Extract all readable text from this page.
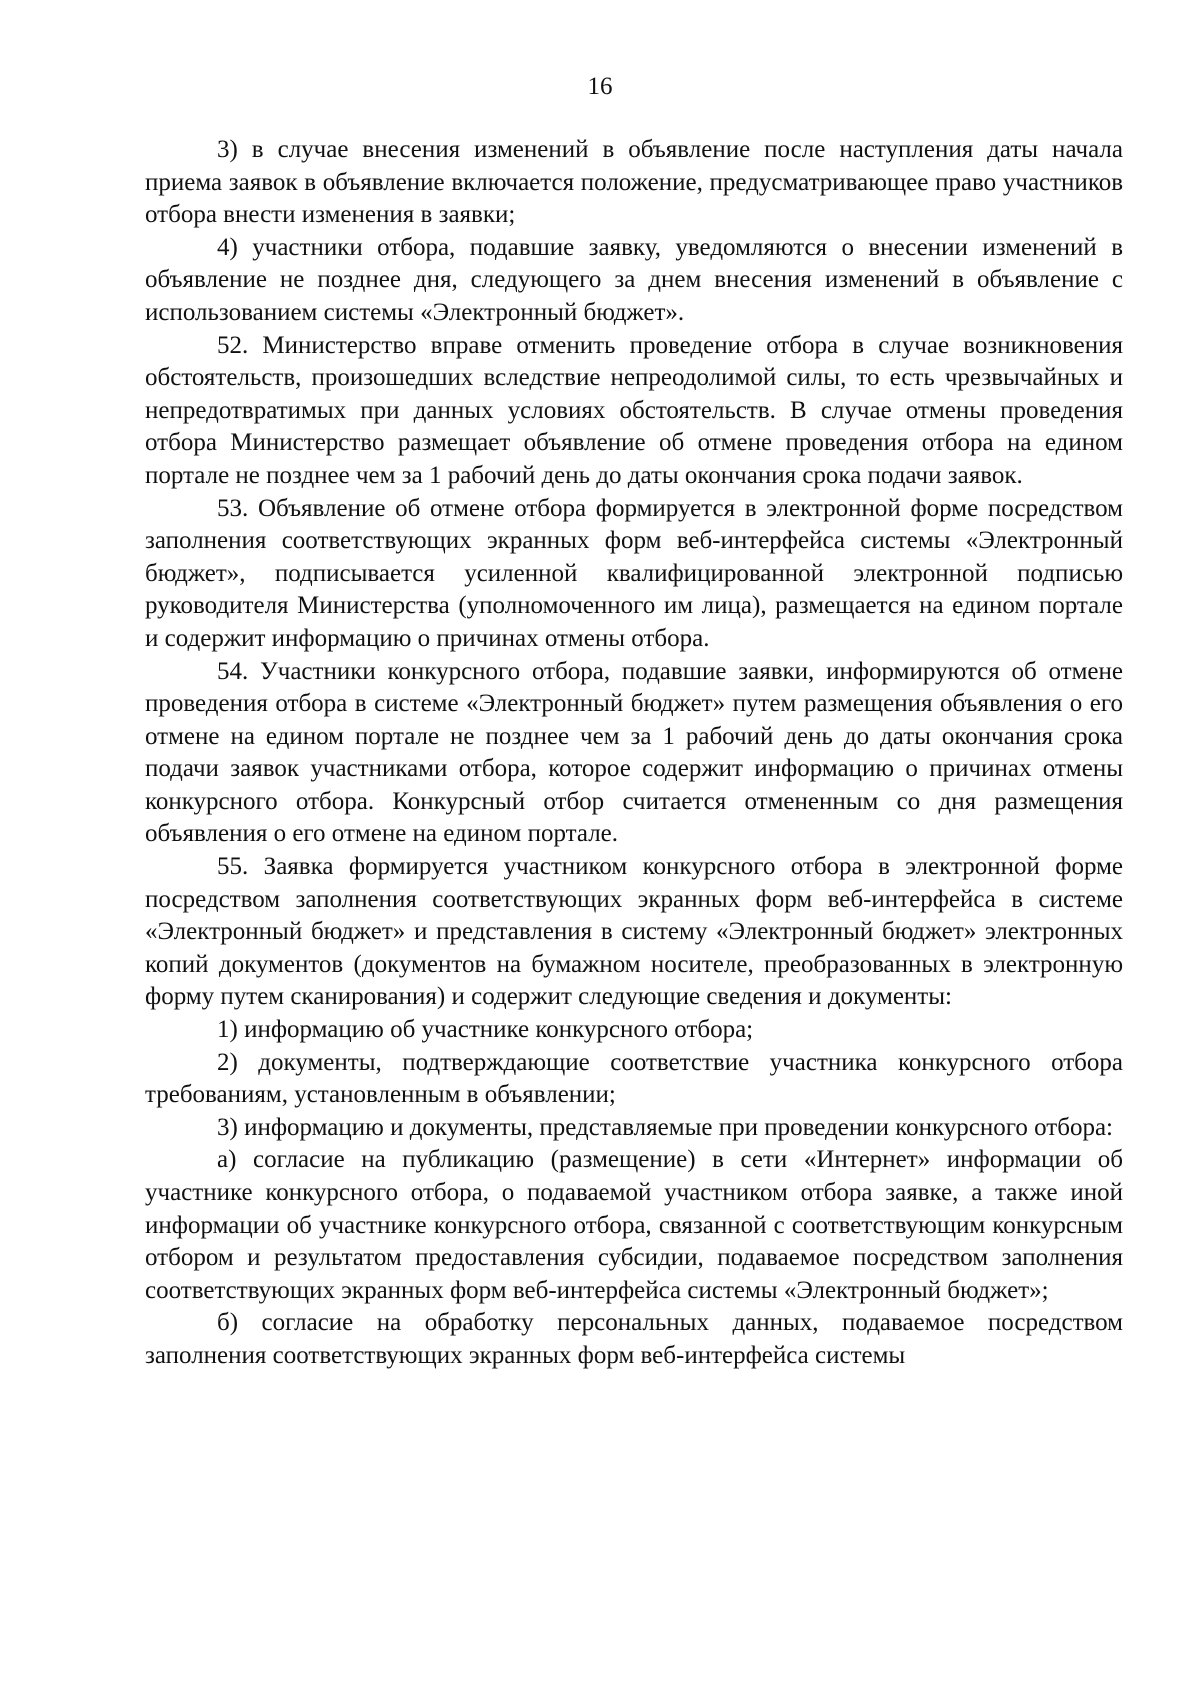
16

3) в случае внесения изменений в объявление после наступления даты начала приема заявок в объявление включается положение, предусматривающее право участников отбора внести изменения в заявки;

4) участники отбора, подавшие заявку, уведомляются о внесении изменений в объявление не позднее дня, следующего за днем внесения изменений в объявление с использованием системы «Электронный бюджет».

52. Министерство вправе отменить проведение отбора в случае возникновения обстоятельств, произошедших вследствие непреодолимой силы, то есть чрезвычайных и непредотвратимых при данных условиях обстоятельств. В случае отмены проведения отбора Министерство размещает объявление об отмене проведения отбора на едином портале не позднее чем за 1 рабочий день до даты окончания срока подачи заявок.

53. Объявление об отмене отбора формируется в электронной форме посредством заполнения соответствующих экранных форм веб-интерфейса системы «Электронный бюджет», подписывается усиленной квалифицированной электронной подписью руководителя Министерства (уполномоченного им лица), размещается на едином портале и содержит информацию о причинах отмены отбора.

54. Участники конкурсного отбора, подавшие заявки, информируются об отмене проведения отбора в системе «Электронный бюджет» путем размещения объявления о его отмене на едином портале не позднее чем за 1 рабочий день до даты окончания срока подачи заявок участниками отбора, которое содержит информацию о причинах отмены конкурсного отбора. Конкурсный отбор считается отмененным со дня размещения объявления о его отмене на едином портале.

55. Заявка формируется участником конкурсного отбора в электронной форме посредством заполнения соответствующих экранных форм веб-интерфейса в системе «Электронный бюджет» и представления в систему «Электронный бюджет» электронных копий документов (документов на бумажном носителе, преобразованных в электронную форму путем сканирования) и содержит следующие сведения и документы:

1) информацию об участнике конкурсного отбора;

2) документы, подтверждающие соответствие участника конкурсного отбора требованиям, установленным в объявлении;

3) информацию и документы, представляемые при проведении конкурсного отбора:

а) согласие на публикацию (размещение) в сети «Интернет» информации об участнике конкурсного отбора, о подаваемой участником отбора заявке, а также иной информации об участнике конкурсного отбора, связанной с соответствующим конкурсным отбором и результатом предоставления субсидии, подаваемое посредством заполнения соответствующих экранных форм веб-интерфейса системы «Электронный бюджет»;

б) согласие на обработку персональных данных, подаваемое посредством заполнения соответствующих экранных форм веб-интерфейса системы
